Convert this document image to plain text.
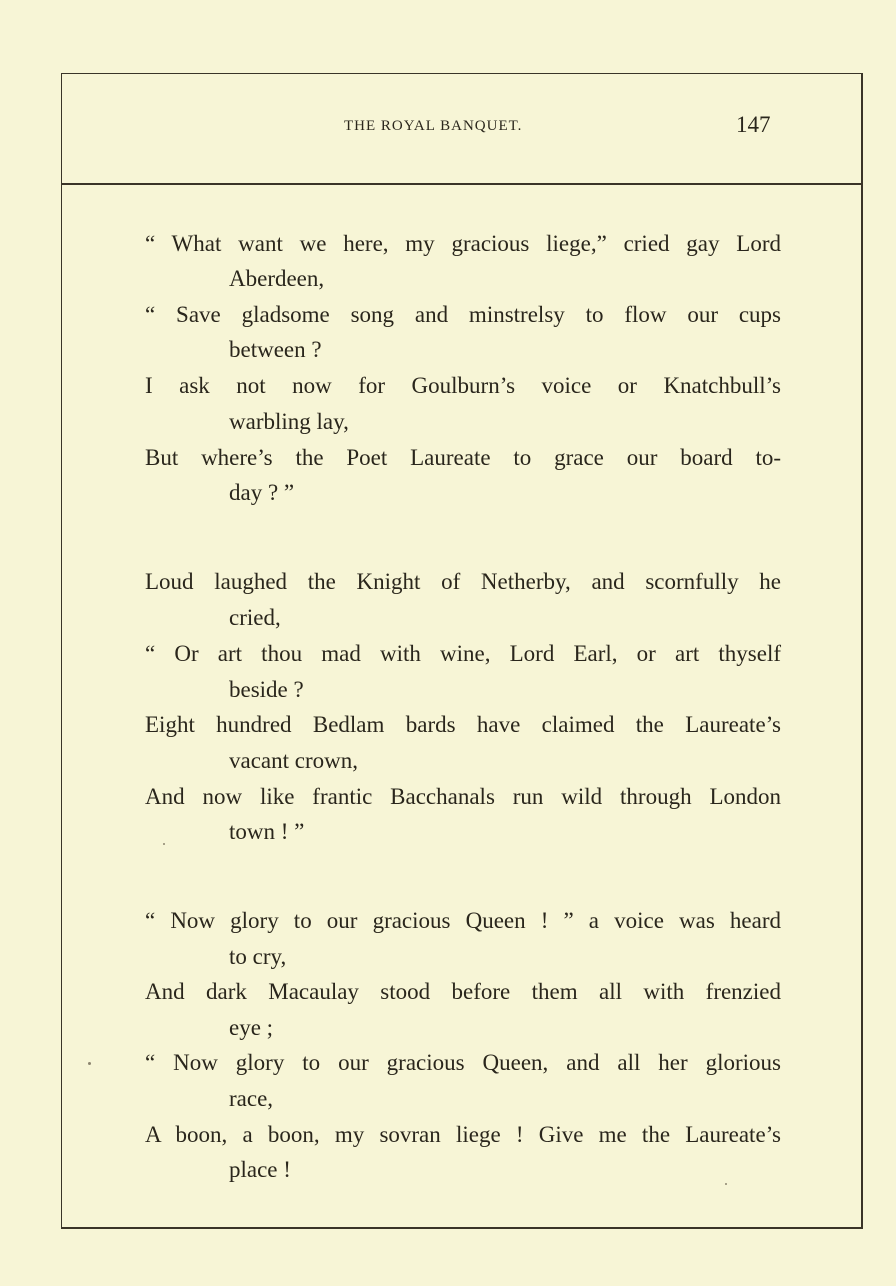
THE ROYAL BANQUET.	147

“ What want we here, my gracious liege,” cried gay Lord

Aberdeen,

“ Save gladsome song and minstrelsy to flow our cups

between ?

I ask not now for Goulburn’s voice or Knatchbull’s

warbling lay,

But where’s the Poet Laureate to grace our board to-

day ? ”

Loud laughed the Knight of Netherby, and scornfully he

cried,

“ Or art thou mad with wine, Lord Earl, or art thyself

beside ?

Eight hundred Bedlam bards have claimed the Laureate’s

vacant crown,

And now like frantic Bacchanals run wild through London

town ! ”

“ Now glory to our gracious Queen ! ” a voice was heard

to cry,

And dark Macaulay stood before them all with frenzied

eye ;

“ Now glory to our gracious Queen, and all her glorious

race,

A boon, a boon, my sovran liege ! Give me the Laureate’s

place !
